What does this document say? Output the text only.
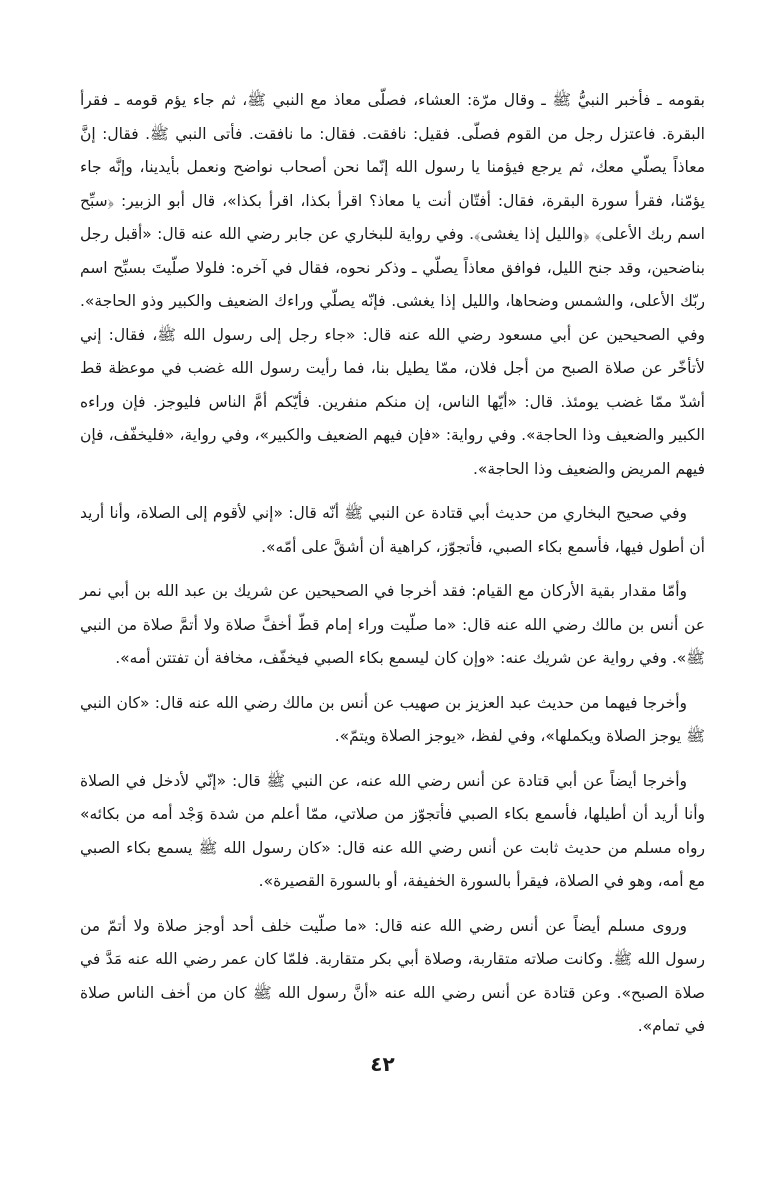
بقومه ـ فأخبر النبيُّ ﷺ ـ وقال مرّة: العشاء، فصلّى معاذ مع النبي ﷺ، ثم جاء يؤم قومه ـ فقرأ البقرة. فاعتزل رجل من القوم فصلّى. فقيل: نافقت. فقال: ما نافقت. فأتى النبي ﷺ. فقال: إنَّ معاذاً يصلّي معك، ثم يرجع فيؤمنا يا رسول الله إنّما نحن أصحاب نواضح ونعمل بأيدينا، وإنَّه جاء يؤمّنا، فقرأ سورة البقرة، فقال: أفتّان أنت يا معاذ؟ اقرأ بكذا، اقرأ بكذا»، قال أبو الزبير: ﴿سبِّح اسم ربك الأعلى﴾ ﴿والليل إذا يغشى﴾. وفي رواية للبخاري عن جابر رضي الله عنه قال: «أقبل رجل بناضحين، وقد جنح الليل، فوافق معاذاً يصلّي ـ وذكر نحوه، فقال في آخره: فلولا صلّيتَ بسبِّح اسم ربّك الأعلى، والشمس وضحاها، والليل إذا يغشى. فإنّه يصلّي وراءك الضعيف والكبير وذو الحاجة». وفي الصحيحين عن أبي مسعود رضي الله عنه قال: «جاء رجل إلى رسول الله ﷺ، فقال: إني لأتأخّر عن صلاة الصبح من أجل فلان، ممّا يطيل بنا، فما رأيت رسول الله غضب في موعظة قط أشدّ ممّا غضب يومئذ. قال: «أيّها الناس، إن منكم منفرين. فأيّكم أمَّ الناس فليوجز. فإن وراءه الكبير والضعيف وذا الحاجة». وفي رواية: «فإن فيهم الضعيف والكبير»، وفي رواية، «فليخفّف، فإن فيهم المريض والضعيف وذا الحاجة».

وفي صحيح البخاري من حديث أبي قتادة عن النبي ﷺ أنّه قال: «إني لأقوم إلى الصلاة، وأنا أريد أن أطول فيها، فأسمع بكاء الصبي، فأتجوّز، كراهية أن أشقَّ على أمّه».

وأمّا مقدار بقية الأركان مع القيام: فقد أخرجا في الصحيحين عن شريك بن عبد الله بن أبي نمر عن أنس بن مالك رضي الله عنه قال: «ما صلّيت وراء إمام قطّ أخفَّ صلاة ولا أتمَّ صلاة من النبي ﷺ». وفي رواية عن شريك عنه: «وإن كان ليسمع بكاء الصبي فيخفّف، مخافة أن تفتتن أمه».

وأخرجا فيهما من حديث عبد العزيز بن صهيب عن أنس بن مالك رضي الله عنه قال: «كان النبي ﷺ يوجز الصلاة ويكملها»، وفي لفظ، «يوجز الصلاة ويتمّ».

وأخرجا أيضاً عن أبي قتادة عن أنس رضي الله عنه، عن النبي ﷺ قال: «إنّي لأدخل في الصلاة وأنا أريد أن أطيلها، فأسمع بكاء الصبي فأتجوّز من صلاتي، ممّا أعلم من شدة وَجْد أمه من بكائه» رواه مسلم من حديث ثابت عن أنس رضي الله عنه قال: «كان رسول الله ﷺ يسمع بكاء الصبي مع أمه، وهو في الصلاة، فيقرأ بالسورة الخفيفة، أو بالسورة القصيرة».

وروى مسلم أيضاً عن أنس رضي الله عنه قال: «ما صلّيت خلف أحد أوجز صلاة ولا أتمّ من رسول الله ﷺ. وكانت صلاته متقاربة، وصلاة أبي بكر متقاربة. فلمّا كان عمر رضي الله عنه مَدَّ في صلاة الصبح». وعن قتادة عن أنس رضي الله عنه «أنَّ رسول الله ﷺ كان من أخف الناس صلاة في تمام».

٤٢
